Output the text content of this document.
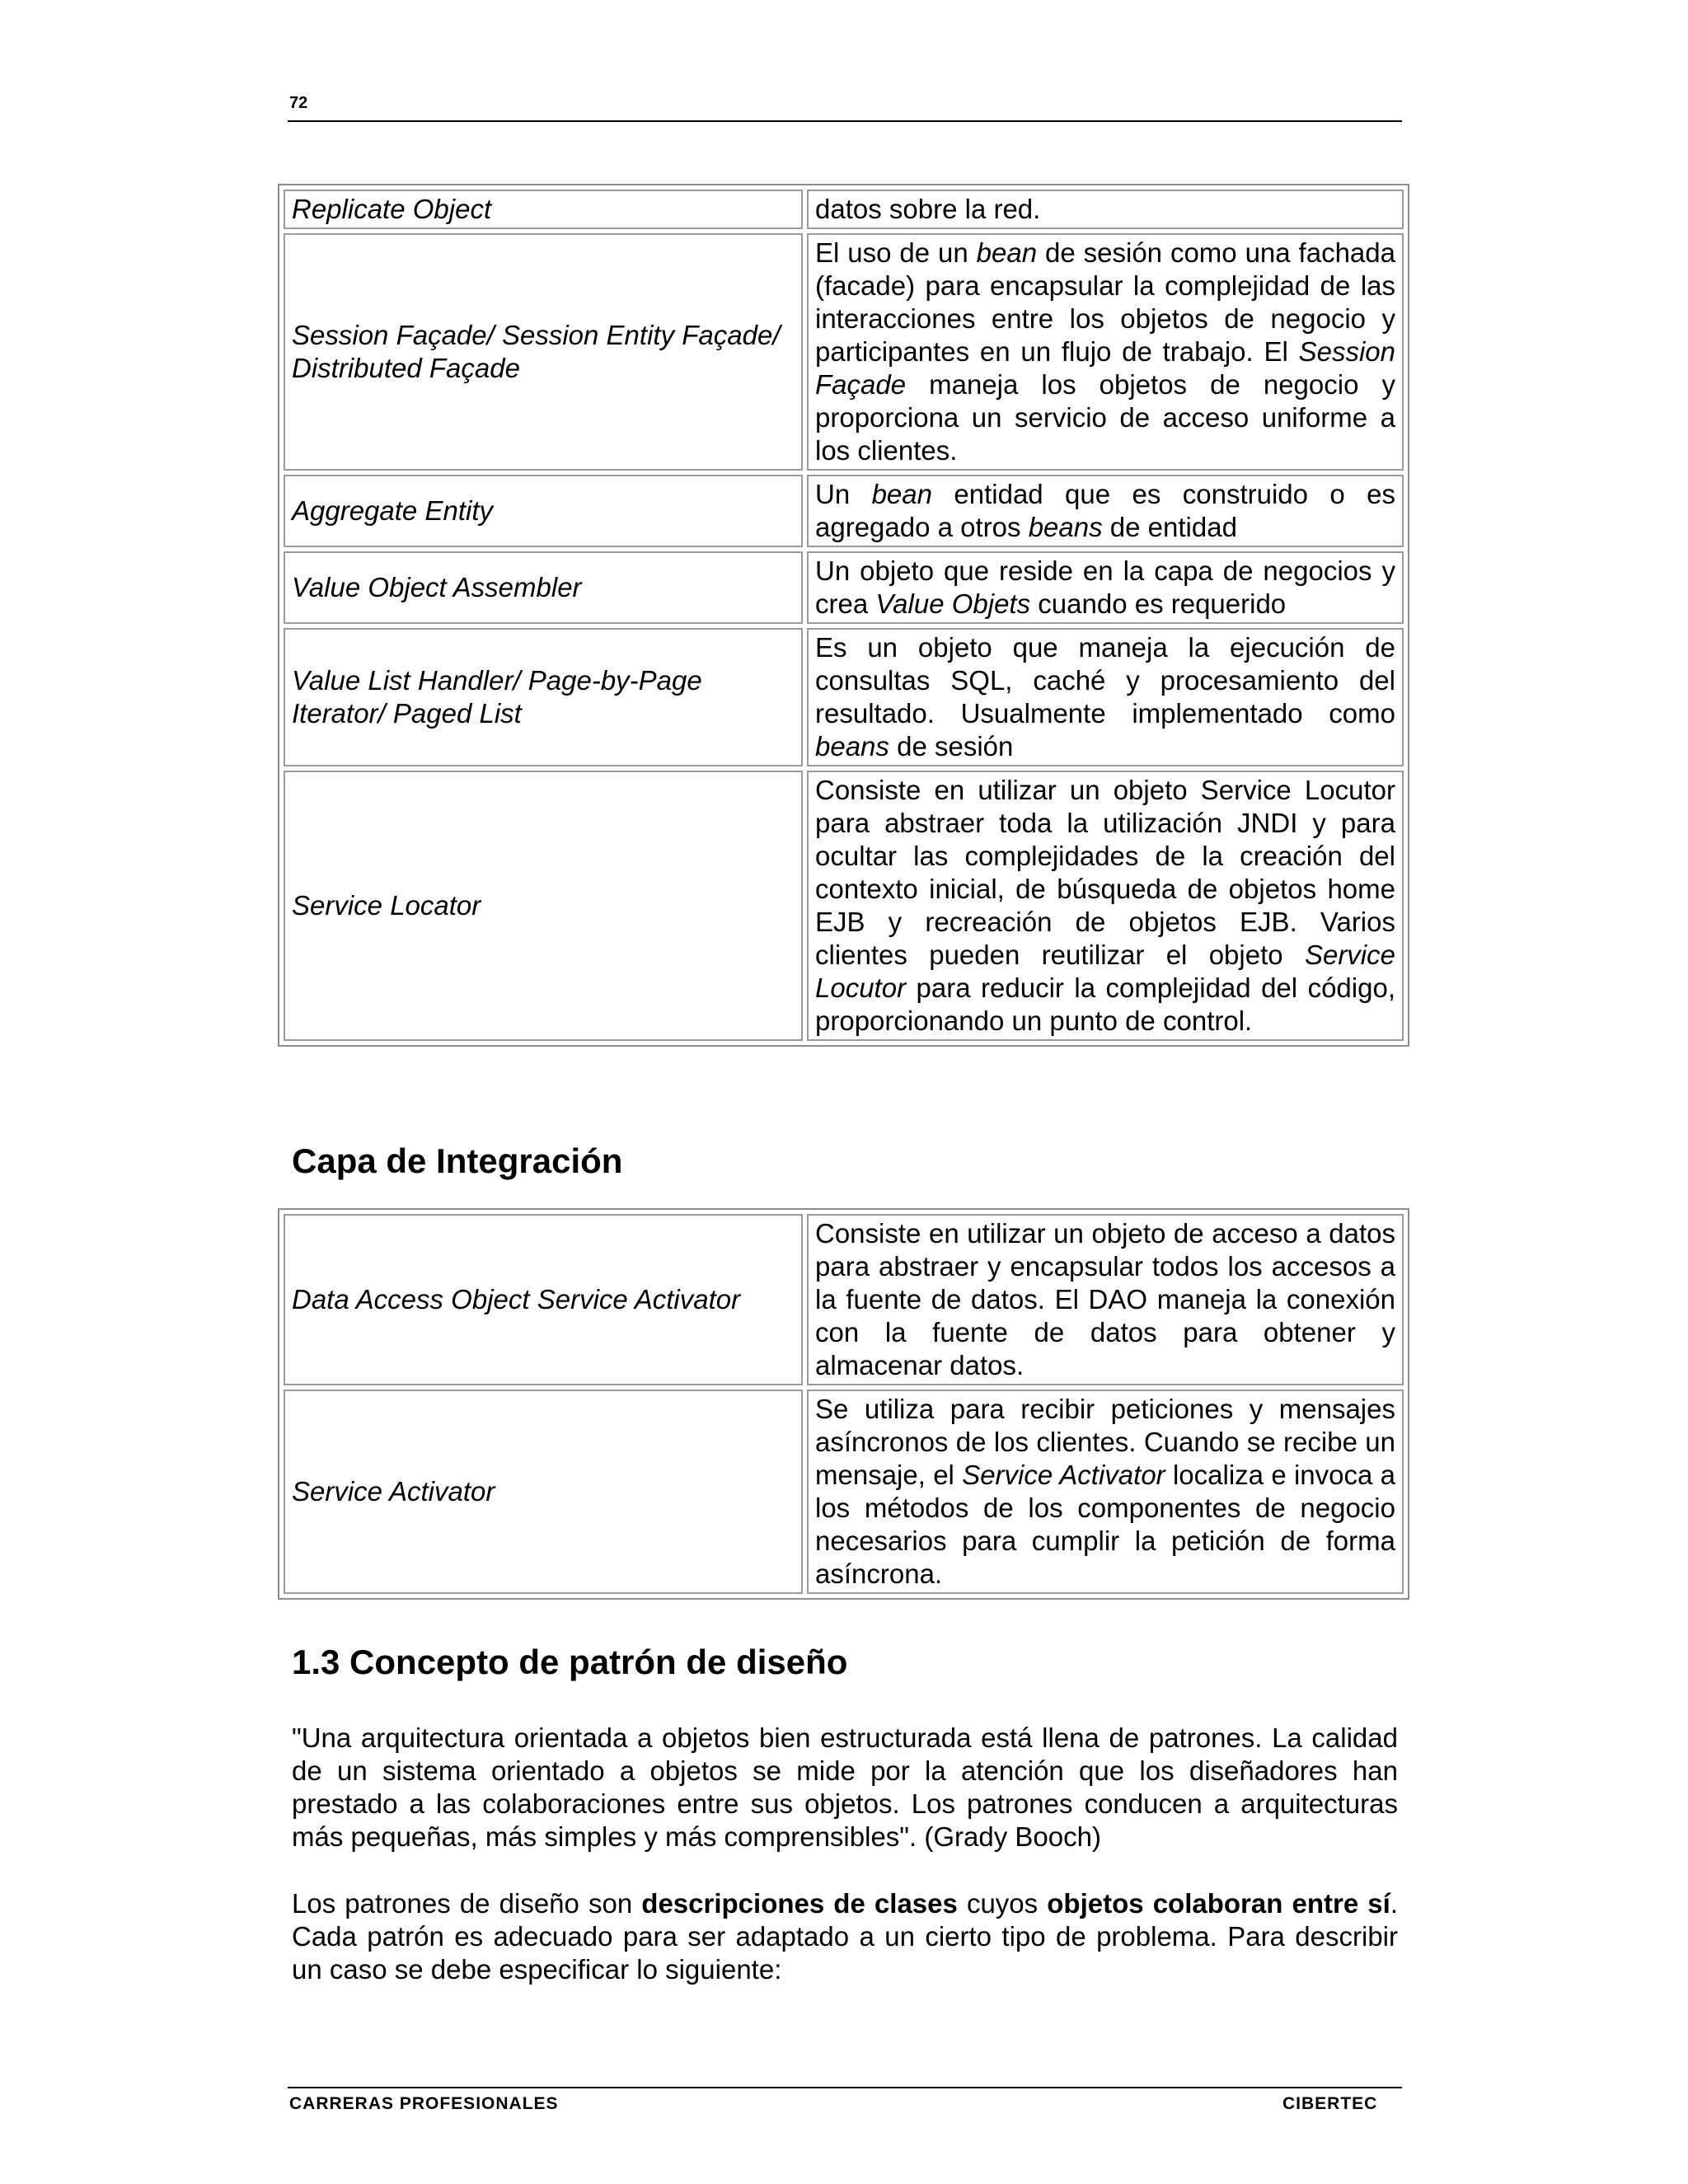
72
Replicate Object	datos sobre la red.
Session Façade/ Session Entity Façade/ Distributed Façade	El uso de un bean de sesión como una fachada (facade) para encapsular la complejidad de las interacciones entre los objetos de negocio y participantes en un flujo de trabajo. El Session Façade maneja los objetos de negocio y proporciona un servicio de acceso uniforme a los clientes.
Aggregate Entity	Un bean entidad que es construido o es agregado a otros beans de entidad
Value Object Assembler	Un objeto que reside en la capa de negocios y crea Value Objets cuando es requerido
Value List Handler/ Page-by-Page Iterator/ Paged List	Es un objeto que maneja la ejecución de consultas SQL, caché y procesamiento del resultado. Usualmente implementado como beans de sesión
Service Locator	Consiste en utilizar un objeto Service Locutor para abstraer toda la utilización JNDI y para ocultar las complejidades de la creación del contexto inicial, de búsqueda de objetos home EJB y recreación de objetos EJB. Varios clientes pueden reutilizar el objeto Service Locutor para reducir la complejidad del código, proporcionando un punto de control.
Capa de Integración
Data Access Object Service Activator	Consiste en utilizar un objeto de acceso a datos para abstraer y encapsular todos los accesos a la fuente de datos. El DAO maneja la conexión con la fuente de datos para obtener y almacenar datos.
Service Activator	Se utiliza para recibir peticiones y mensajes asíncronos de los clientes. Cuando se recibe un mensaje, el Service Activator localiza e invoca a los métodos de los componentes de negocio necesarios para cumplir la petición de forma asíncrona.
1.3 Concepto de patrón de diseño

"Una arquitectura orientada a objetos bien estructurada está llena de patrones. La calidad de un sistema orientado a objetos se mide por la atención que los diseñadores han prestado a las colaboraciones entre sus objetos. Los patrones conducen a arquitecturas más pequeñas, más simples y más comprensibles". (Grady Booch)

Los patrones de diseño son descripciones de clases cuyos objetos colaboran entre sí. Cada patrón es adecuado para ser adaptado a un cierto tipo de problema. Para describir un caso se debe especificar lo siguiente:

CARRERAS PROFESIONALES	CIBERTEC
